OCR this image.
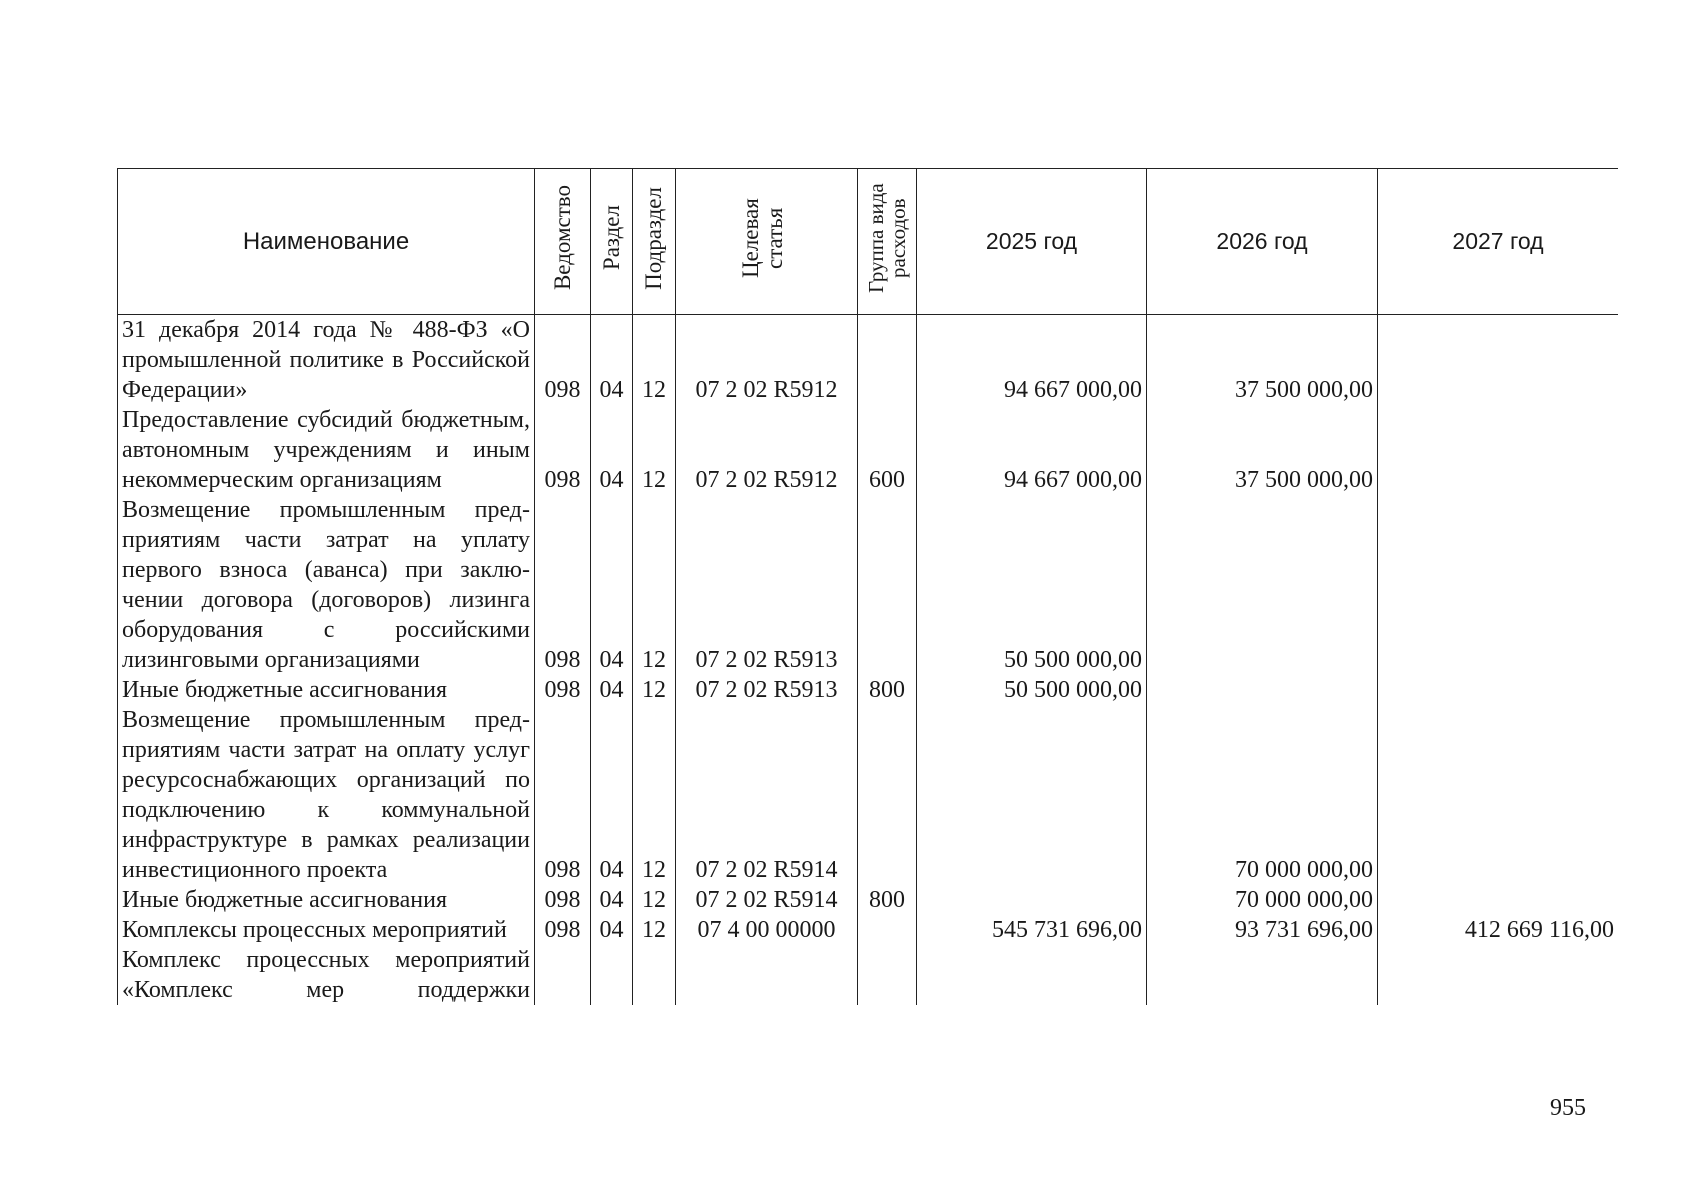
Наименование	Ведомство	Раздел	Подраздел	Целевая статья	Группа вида расходов	2025 год	2026 год	2027 год
31 декабря 2014 года № 488-ФЗ «О промышленной политике в Российской Федерации»	098	04	12	07 2 02 R5912		94 667 000,00	37 500 000,00	
Предоставление субсидий бюджетным, автономным учреждениям и иным некоммерческим организациям	098	04	12	07 2 02 R5912	600	94 667 000,00	37 500 000,00	
Возмещение промышленным предприятиям части затрат на уплату первого взноса (аванса) при заключении договора (договоров) лизинга оборудования с российскими лизинговыми организациями	098	04	12	07 2 02 R5913		50 500 000,00		
Иные бюджетные ассигнования	098	04	12	07 2 02 R5913	800	50 500 000,00		
Возмещение промышленным предприятиям части затрат на оплату услуг ресурсоснабжающих организаций по подключению к коммунальной инфраструктуре в рамках реализации инвестиционного проекта	098	04	12	07 2 02 R5914			70 000 000,00	
Иные бюджетные ассигнования	098	04	12	07 2 02 R5914	800		70 000 000,00	
Комплексы процессных мероприятий	098	04	12	07 4 00 00000		545 731 696,00	93 731 696,00	412 669 116,00
Комплекс процессных мероприятий «Комплекс мер поддержки								
955
